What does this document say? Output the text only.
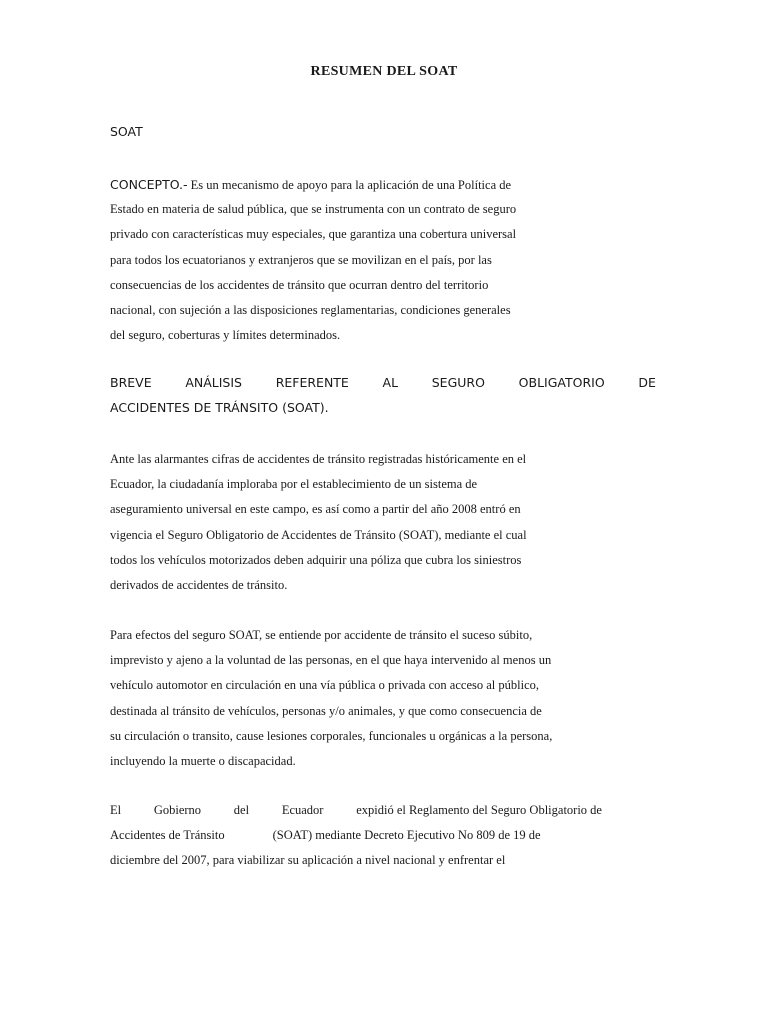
RESUMEN DEL SOAT
SOAT
CONCEPTO.- Es un mecanismo de apoyo para la aplicación de una Política de
Estado en materia de salud pública, que se instrumenta con un contrato de seguro
privado con características muy especiales, que garantiza una cobertura universal
para todos los ecuatorianos y extranjeros que se movilizan en el país, por las
consecuencias de los accidentes de tránsito que ocurran dentro del territorio
nacional, con sujeción a las disposiciones reglamentarias, condiciones generales
del seguro, coberturas y límites determinados.
BREVE	ANÁLISIS	REFERENTE	AL	SEGURO	OBLIGATORIO	DE
ACCIDENTES DE TRÁNSITO (SOAT).
Ante las alarmantes cifras de accidentes de tránsito registradas históricamente en el
Ecuador, la ciudadanía imploraba por el establecimiento de un sistema de
aseguramiento universal en este campo, es así como a partir del año 2008 entró en
vigencia el Seguro Obligatorio de Accidentes de Tránsito (SOAT), mediante el cual
todos los vehículos motorizados deben adquirir una póliza que cubra los siniestros
derivados de accidentes de tránsito.
Para efectos del seguro SOAT, se entiende por accidente de tránsito el suceso súbito,
imprevisto y ajeno a la voluntad de las personas, en el que haya intervenido al menos un
vehículo automotor en circulación en una vía pública o privada con acceso al público,
destinada al tránsito de vehículos, personas y/o animales, y que como consecuencia de
su circulación o transito, cause lesiones corporales, funcionales u orgánicas a la persona,
incluyendo la muerte o discapacidad.
El	Gobierno	del	Ecuador	expidió el Reglamento del Seguro Obligatorio de
Accidentes de Tránsito	(SOAT) mediante Decreto Ejecutivo No 809 de 19 de
diciembre del 2007, para viabilizar su aplicación a nivel nacional y enfrentar el
